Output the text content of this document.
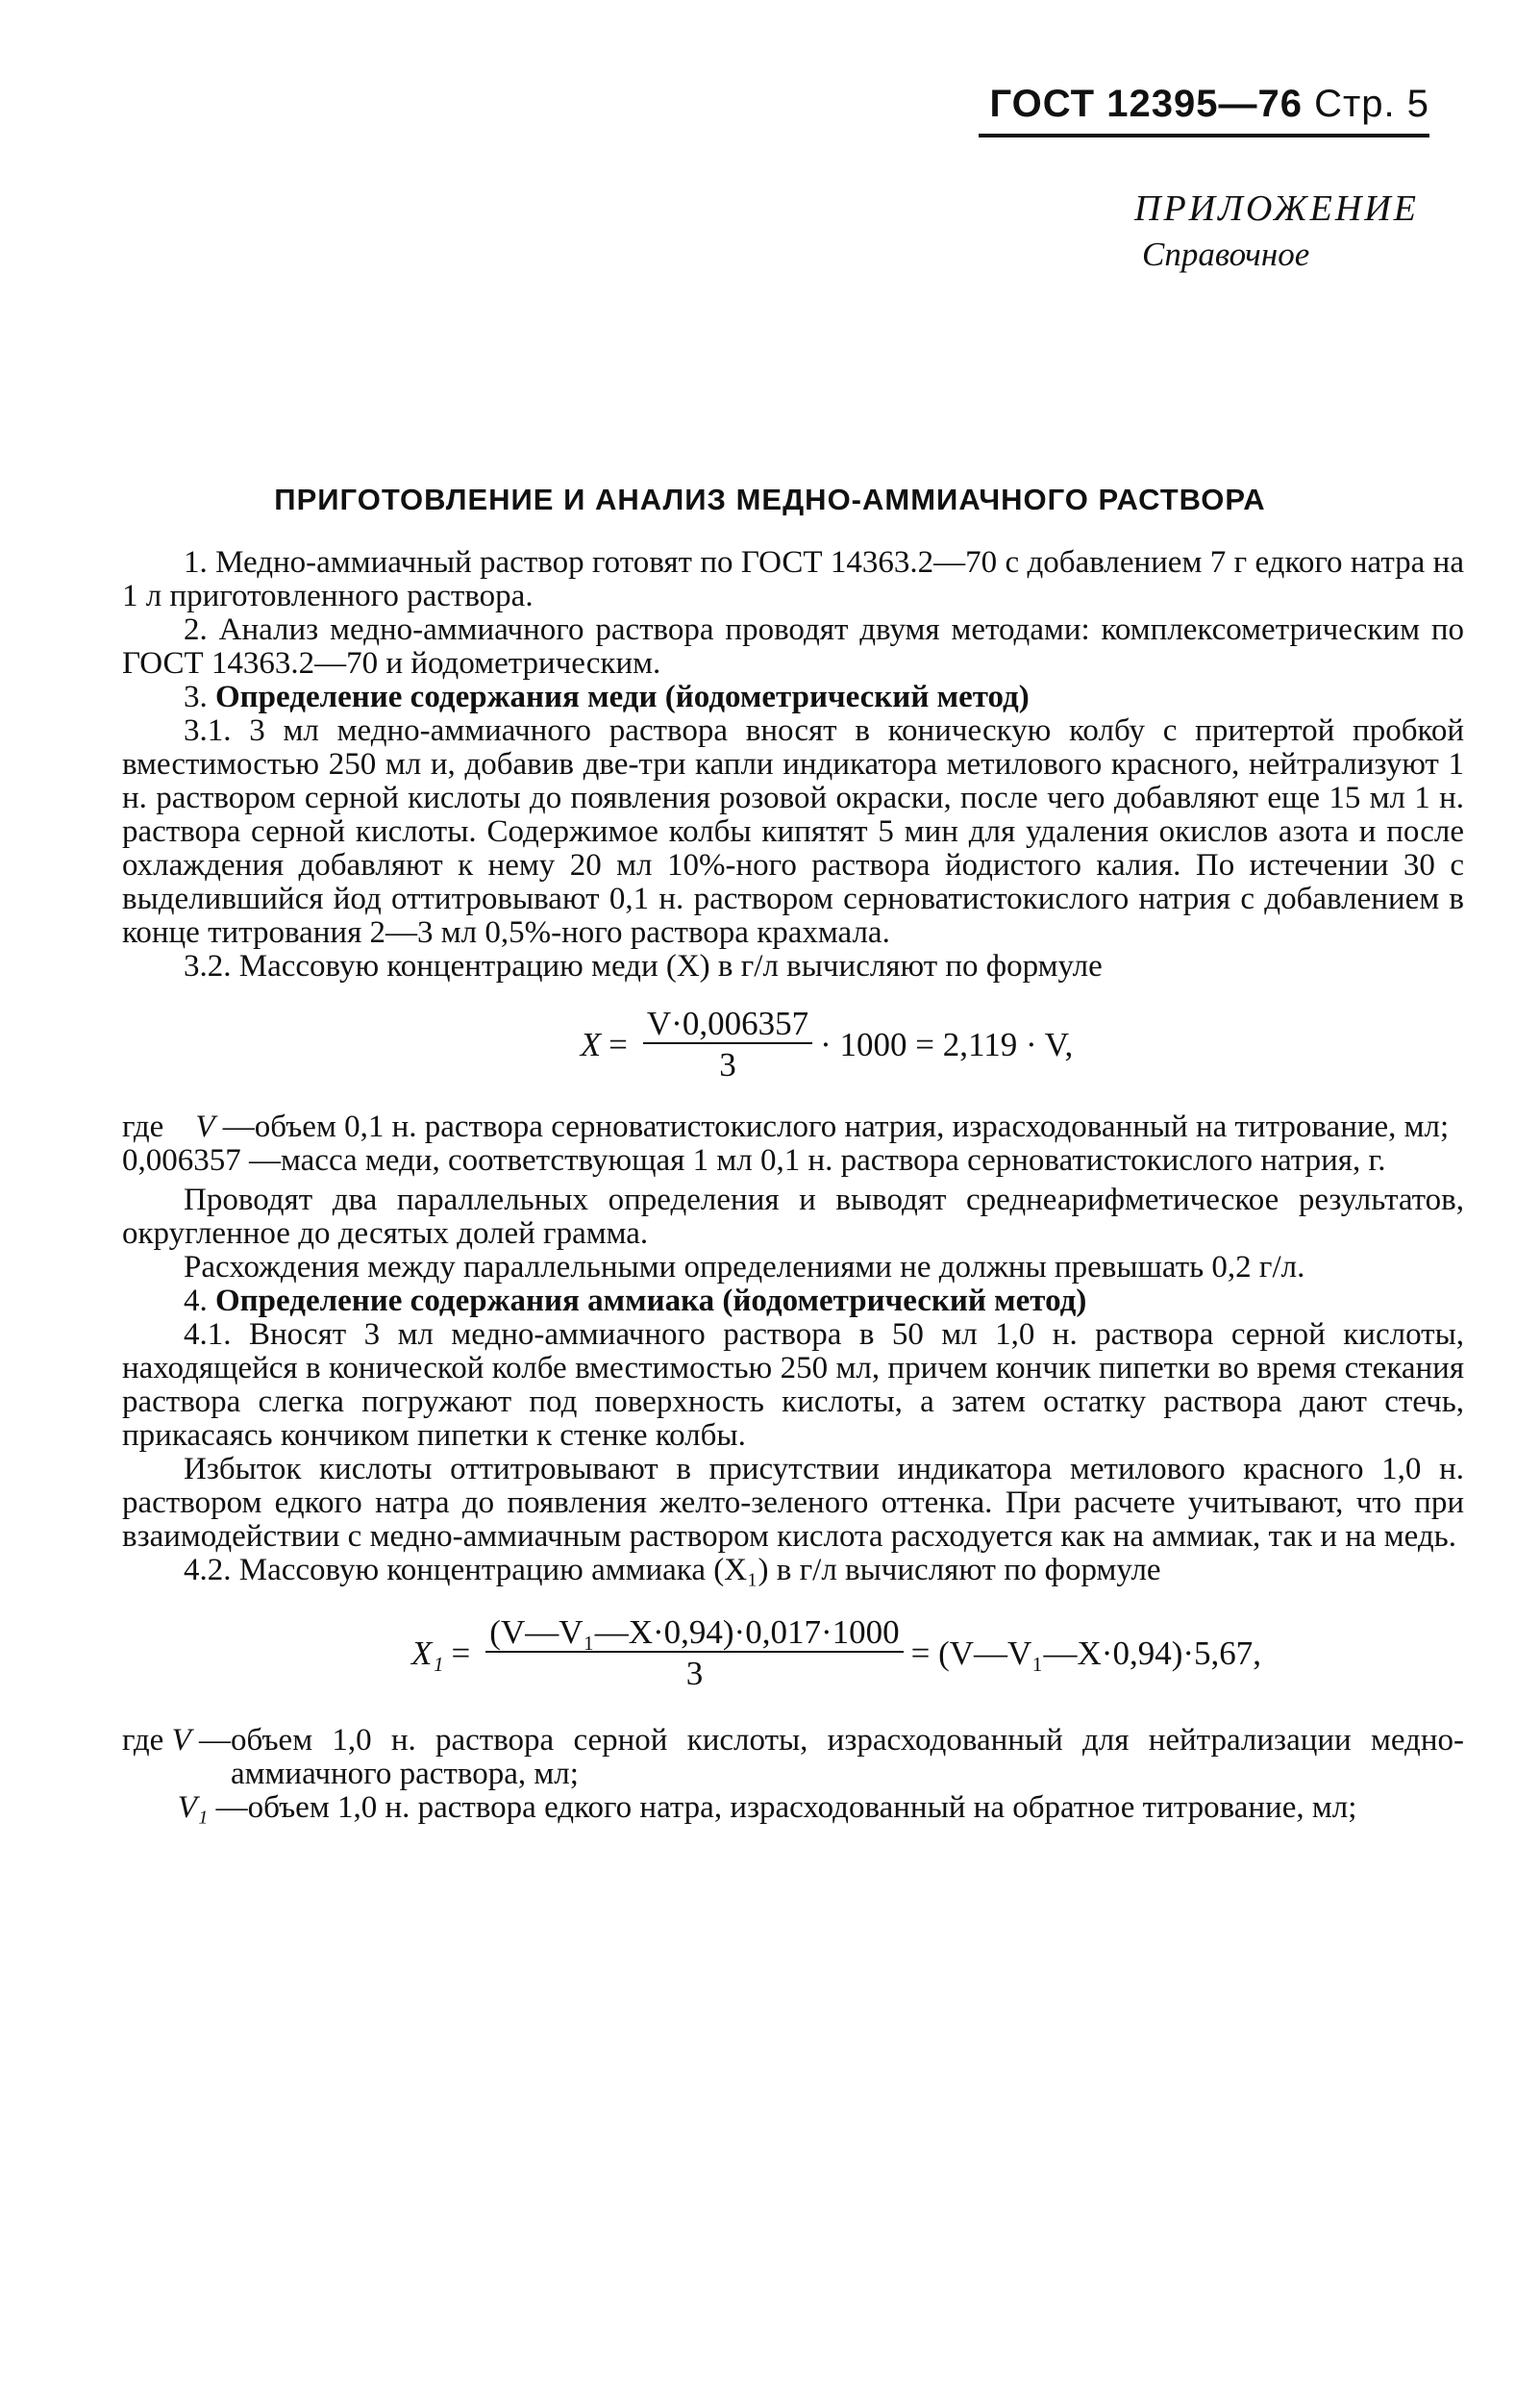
ГОСТ 12395—76 Стр. 5
ПРИЛОЖЕНИЕ
Справочное
ПРИГОТОВЛЕНИЕ И АНАЛИЗ МЕДНО-АММИАЧНОГО РАСТВОРА

1. Медно-аммиачный раствор готовят по ГОСТ 14363.2—70 с добавлением 7 г едкого натра на 1 л приготовленного раствора.

2. Анализ медно-аммиачного раствора проводят двумя методами: комплексометрическим по ГОСТ 14363.2—70 и йодометрическим.

3. Определение содержания меди (йодометрический метод)

3.1. 3 мл медно-аммиачного раствора вносят в коническую колбу с притертой пробкой вместимостью 250 мл и, добавив две-три капли индикатора метилового красного, нейтрализуют 1 н. раствором серной кислоты до появления розовой окраски, после чего добавляют еще 15 мл 1 н. раствора серной кислоты. Содержимое колбы кипятят 5 мин для удаления окислов азота и после охлаждения добавляют к нему 20 мл 10%-ного раствора йодистого калия. По истечении 30 с выделившийся йод оттитровывают 0,1 н. раствором серноватистокислого натрия с добавлением в конце титрования 2—3 мл 0,5%-ного раствора крахмала.

3.2. Массовую концентрацию меди (X) в г/л вычисляют по формуле

$X = \frac{V\cdot 0,006357}{3} \cdot 1000 = 2,119 \cdot V$,
где V — объем 0,1 н. раствора серноватистокислого натрия, израсходованный на титрование, мл;
0,006357 — масса меди, соответствующая 1 мл 0,1 н. раствора серноватистокислого натрия, г.

Проводят два параллельных определения и выводят среднеарифметическое результатов, округленное до десятых долей грамма.

Расхождения между параллельными определениями не должны превышать 0,2 г/л.

4. Определение содержания аммиака (йодометрический метод)

4.1. Вносят 3 мл медно-аммиачного раствора в 50 мл 1,0 н. раствора серной кислоты, находящейся в конической колбе вместимостью 250 мл, причем кончик пипетки во время стекания раствора слегка погружают под поверхность кислоты, а затем остатку раствора дают стечь, прикасаясь кончиком пипетки к стенке колбы.

Избыток кислоты оттитровывают в присутствии индикатора метилового красного 1,0 н. раствором едкого натра до появления желто-зеленого оттенка. При расчете учитывают, что при взаимодействии с медно-аммиачным раствором кислота расходуется как на аммиак, так и на медь.

4.2. Массовую концентрацию аммиака (X₁) в г/л вычисляют по формуле

$X_1 = \frac{\text{(V—V₁—X·0,94)·0,017·1000}}{3}$ = (V—V₁—X·0,94)·5,67,
где V — объем 1,0 н. раствора серной кислоты, израсходованный для нейтрализации медно-аммиачного раствора, мл;
V₁ — объем 1,0 н. раствора едкого натра, израсходованный на обратное титрование, мл;
